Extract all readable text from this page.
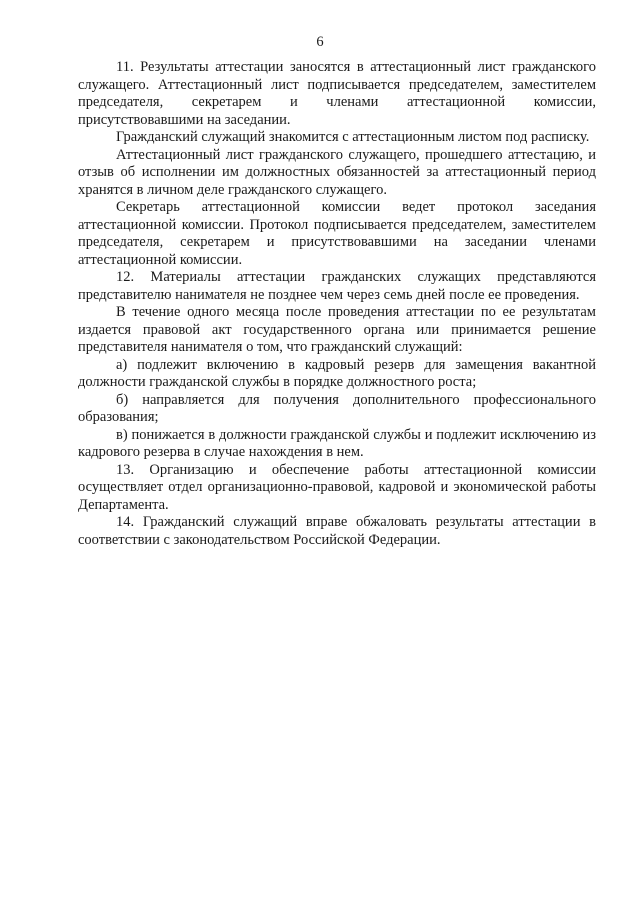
6

11. Результаты аттестации заносятся в аттестационный лист гражданского служащего. Аттестационный лист подписывается председателем, заместителем председателя, секретарем и членами аттестационной комиссии, присутствовавшими на заседании.

Гражданский служащий знакомится с аттестационным листом под расписку.

Аттестационный лист гражданского служащего, прошедшего аттестацию, и отзыв об исполнении им должностных обязанностей за аттестационный период хранятся в личном деле гражданского служащего.

Секретарь аттестационной комиссии ведет протокол заседания аттестационной комиссии. Протокол подписывается председателем, заместителем председателя, секретарем и присутствовавшими на заседании членами аттестационной комиссии.

12. Материалы аттестации гражданских служащих представляются представителю нанимателя не позднее чем через семь дней после ее проведения.

В течение одного месяца после проведения аттестации по ее результатам издается правовой акт государственного органа или принимается решение представителя нанимателя о том, что гражданский служащий:

а) подлежит включению в кадровый резерв для замещения вакантной должности гражданской службы в порядке должностного роста;

б) направляется для получения дополнительного профессионального образования;

в) понижается в должности гражданской службы и подлежит исключению из кадрового резерва в случае нахождения в нем.

13. Организацию и обеспечение работы аттестационной комиссии осуществляет отдел организационно-правовой, кадровой и экономической работы Департамента.

14. Гражданский служащий вправе обжаловать результаты аттестации в соответствии с законодательством Российской Федерации.
